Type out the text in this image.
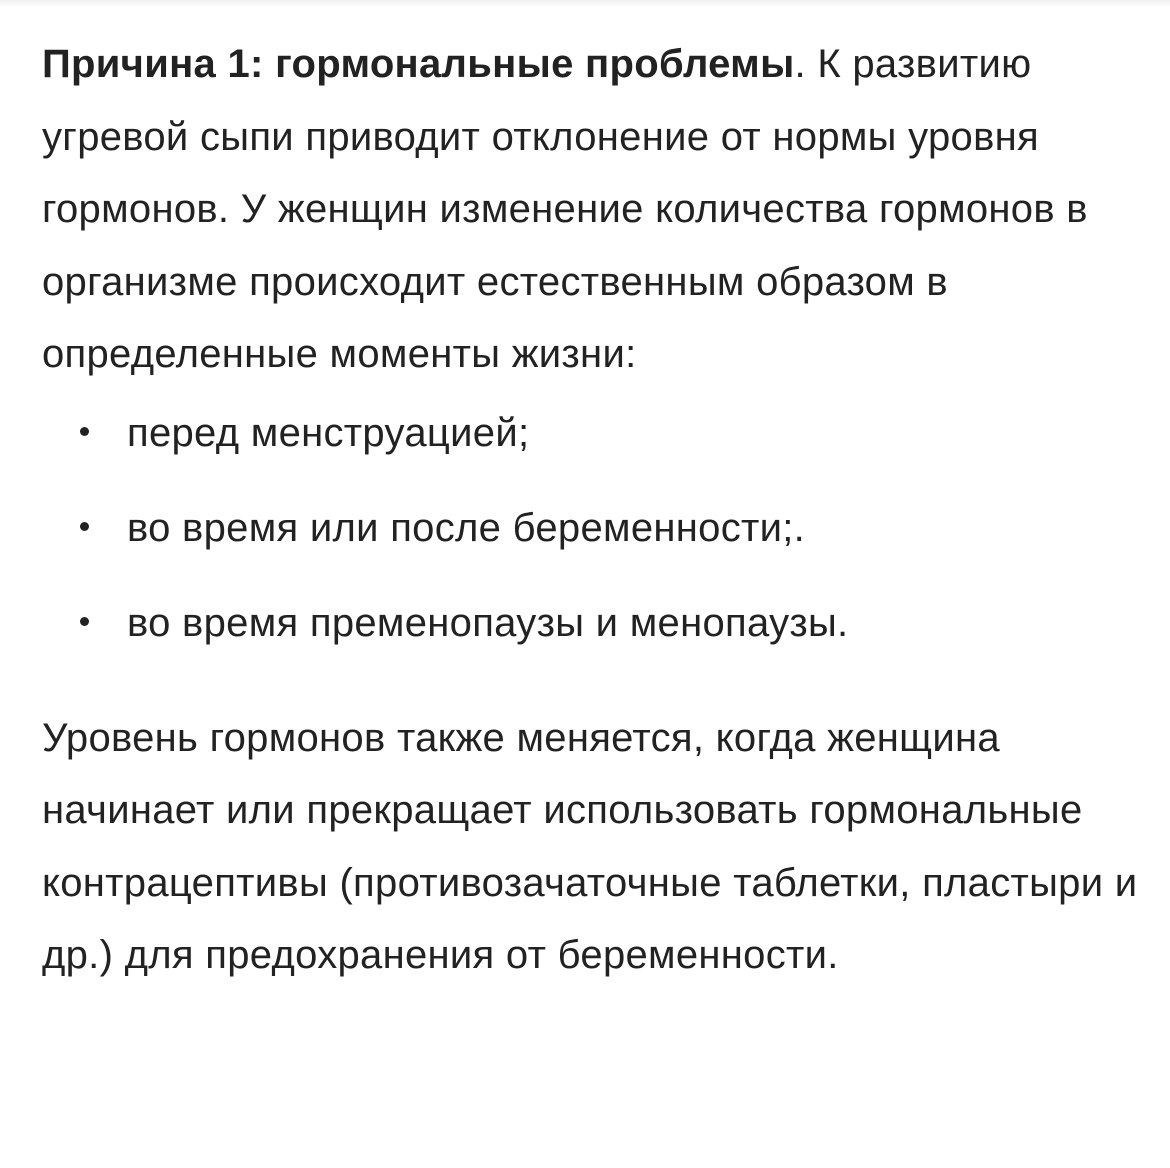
Причина 1: гормональные проблемы. К развитию угревой сыпи приводит отклонение от нормы уровня гормонов. У женщин изменение количества гормонов в организме происходит естественным образом в определенные моменты жизни:

перед менструацией;
во время или после беременности;.
во время пременопаузы и менопаузы.

Уровень гормонов также меняется, когда женщина начинает или прекращает использовать гормональные контрацептивы (противозачаточные таблетки, пластыри и др.) для предохранения от беременности.
